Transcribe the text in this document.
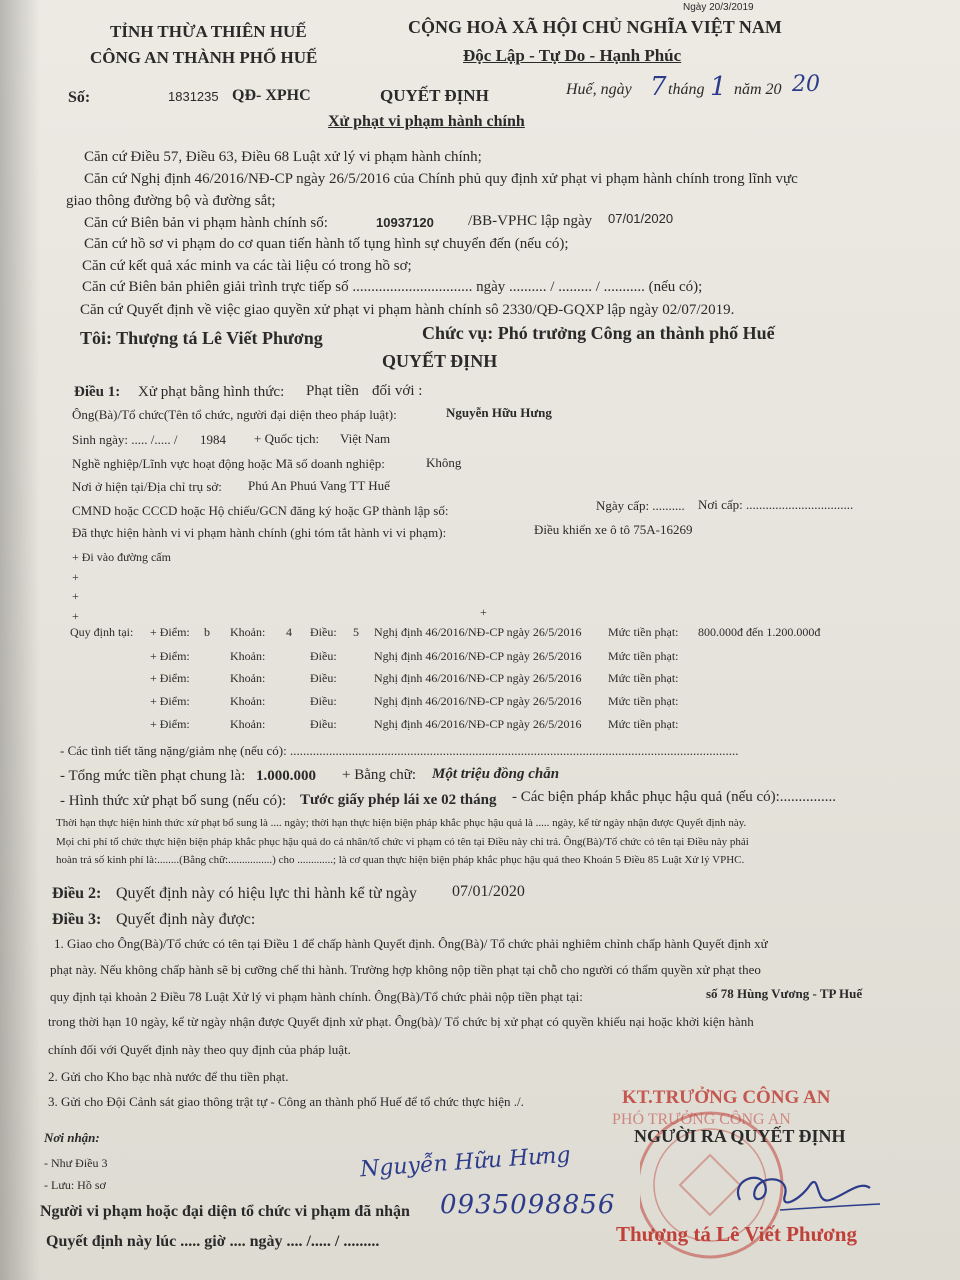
Ngày 20/3/2019
TỈNH THỪA THIÊN HUẾ
CÔNG AN THÀNH PHỐ HUẾ
CỘNG HOÀ XÃ HỘI CHỦ NGHĨA VIỆT NAM
Độc Lập - Tự Do - Hạnh Phúc
Số:	1831235 QĐ- XPHC	QUYẾT ĐỊNH
Xử phạt vi phạm hành chính
Huế, ngày 7 tháng 1 năm 20 20
Căn cứ Điều 57, Điều 63, Điều 68 Luật xử lý vi phạm hành chính;
Căn cứ Nghị định 46/2016/NĐ-CP ngày 26/5/2016 của Chính phủ quy định xử phạt vi phạm hành chính trong lĩnh vực
giao thông đường bộ và đường sắt;
Căn cứ Biên bản vi phạm hành chính số:	10937120 /BB-VPHC lập ngày 07/01/2020
Căn cứ hồ sơ vi phạm do cơ quan tiến hành tố tụng hình sự chuyển đến (nếu có);
Căn cứ kết quả xác minh va các tài liệu có trong hồ sơ;
Căn cứ Biên bản phiên giải trình trực tiếp số ................................ ngày .......... / ......... / ........... (nếu có);
Căn cứ Quyết định về việc giao quyền xử phạt vi phạm hành chính sô 2330/QĐ-GQXP lập ngày 02/07/2019.
Tôi: Thượng tá Lê Viết Phương	Chức vụ: Phó trưởng Công an thành phố Huế
QUYẾT ĐỊNH
Điều 1: Xử phạt bằng hình thức: Phạt tiền đối với :
Ông(Bà)/Tổ chức(Tên tổ chức, người đại diện theo pháp luật):	Nguyễn Hữu Hưng
Sinh ngày: ..... /..... / 1984 + Quốc tịch: Việt Nam
Nghề nghiệp/Lĩnh vực hoạt động hoặc Mã số doanh nghiệp:	Không
Nơi ở hiện tại/Địa chỉ trụ sở: Phú An Phuú Vang TT Huế
CMND hoặc CCCD hoặc Hộ chiếu/GCN đăng ký hoặc GP thành lập số:	Ngày cấp: .......... Nơi cấp: .................................
Đã thực hiện hành vi vi phạm hành chính (ghi tóm tắt hành vi vi phạm):	Điều khiển xe ô tô 75A-16269
+ Đi vào đường cấm
+
+
+	+
Quy định tại: + Điểm: b Khoản: 4 Điều: 5 Nghị định 46/2016/NĐ-CP ngày 26/5/2016 Mức tiền phạt: 800.000đ đến 1.200.000đ
+ Điểm:	Khoản:	Điều:	Nghị định 46/2016/NĐ-CP ngày 26/5/2016 Mức tiền phạt:
+ Điểm:	Khoản:	Điều:	Nghị định 46/2016/NĐ-CP ngày 26/5/2016 Mức tiền phạt:
+ Điểm:	Khoản:	Điều:	Nghị định 46/2016/NĐ-CP ngày 26/5/2016 Mức tiền phạt:
+ Điểm:	Khoản:	Điều:	Nghị định 46/2016/NĐ-CP ngày 26/5/2016 Mức tiền phạt:
- Các tình tiết tăng nặng/giảm nhẹ (nếu có): ..........................................................................................................................................
- Tổng mức tiền phạt chung là: 1.000.000 + Bằng chữ: Một triệu đồng chẵn
- Hình thức xử phạt bổ sung (nếu có): Tước giấy phép lái xe 02 tháng - Các biện pháp khắc phục hậu quả (nếu có):...............
Thời hạn thực hiện hình thức xử phạt bổ sung là .... ngày; thời hạn thực hiện biện pháp khắc phục hậu quả là ..... ngày, kể từ ngày nhận được Quyết định này.
Mọi chi phí tổ chức thực hiện biện pháp khắc phục hậu quả do cá nhân/tổ chức vi phạm có tên tại Điều này chi trả. Ông(Bà)/Tổ chức có tên tại Điều này phải
hoàn trả số kinh phí là:........(Bằng chữ:................) cho .............; là cơ quan thực hiện biện pháp khắc phục hậu quả theo Khoản 5 Điều 85 Luật Xử lý VPHC.
Điều 2: Quyết định này có hiệu lực thi hành kể từ ngày 07/01/2020
Điều 3: Quyết định này được:
1. Giao cho Ông(Bà)/Tổ chức có tên tại Điều 1 để chấp hành Quyết định. Ông(Bà)/ Tổ chức phải nghiêm chỉnh chấp hành Quyết định xử
phạt này. Nếu không chấp hành sẽ bị cưỡng chế thi hành. Trường hợp không nộp tiền phạt tại chỗ cho người có thẩm quyền xử phạt theo
quy định tại khoản 2 Điều 78 Luật Xử lý vi phạm hành chính. Ông(Bà)/Tổ chức phải nộp tiền phạt tại:	số 78 Hùng Vương - TP Huế
trong thời hạn 10 ngày, kể từ ngày nhận được Quyết định xử phạt. Ông(bà)/ Tổ chức bị xử phạt có quyền khiếu nại hoặc khởi kiện hành
chính đối với Quyết định này theo quy định của pháp luật.
2. Gửi cho Kho bạc nhà nước để thu tiền phạt.
3. Gửi cho Đội Cảnh sát giao thông trật tự - Công an thành phố Huế để tổ chức thực hiện ./.
Nơi nhận:
- Như Điều 3
- Lưu: Hồ sơ
Người vi phạm hoặc đại diện tổ chức vi phạm đã nhận 0935098856
Quyết định này lúc ..... giờ .... ngày .... /..... / .........
Nguyễn Hữu Hưng
KT.TRƯỞNG CÔNG AN
PHÓ TRƯỞNG CÔNG AN
NGƯỜI RA QUYẾT ĐỊNH
Thượng tá Lê Viết Phương
